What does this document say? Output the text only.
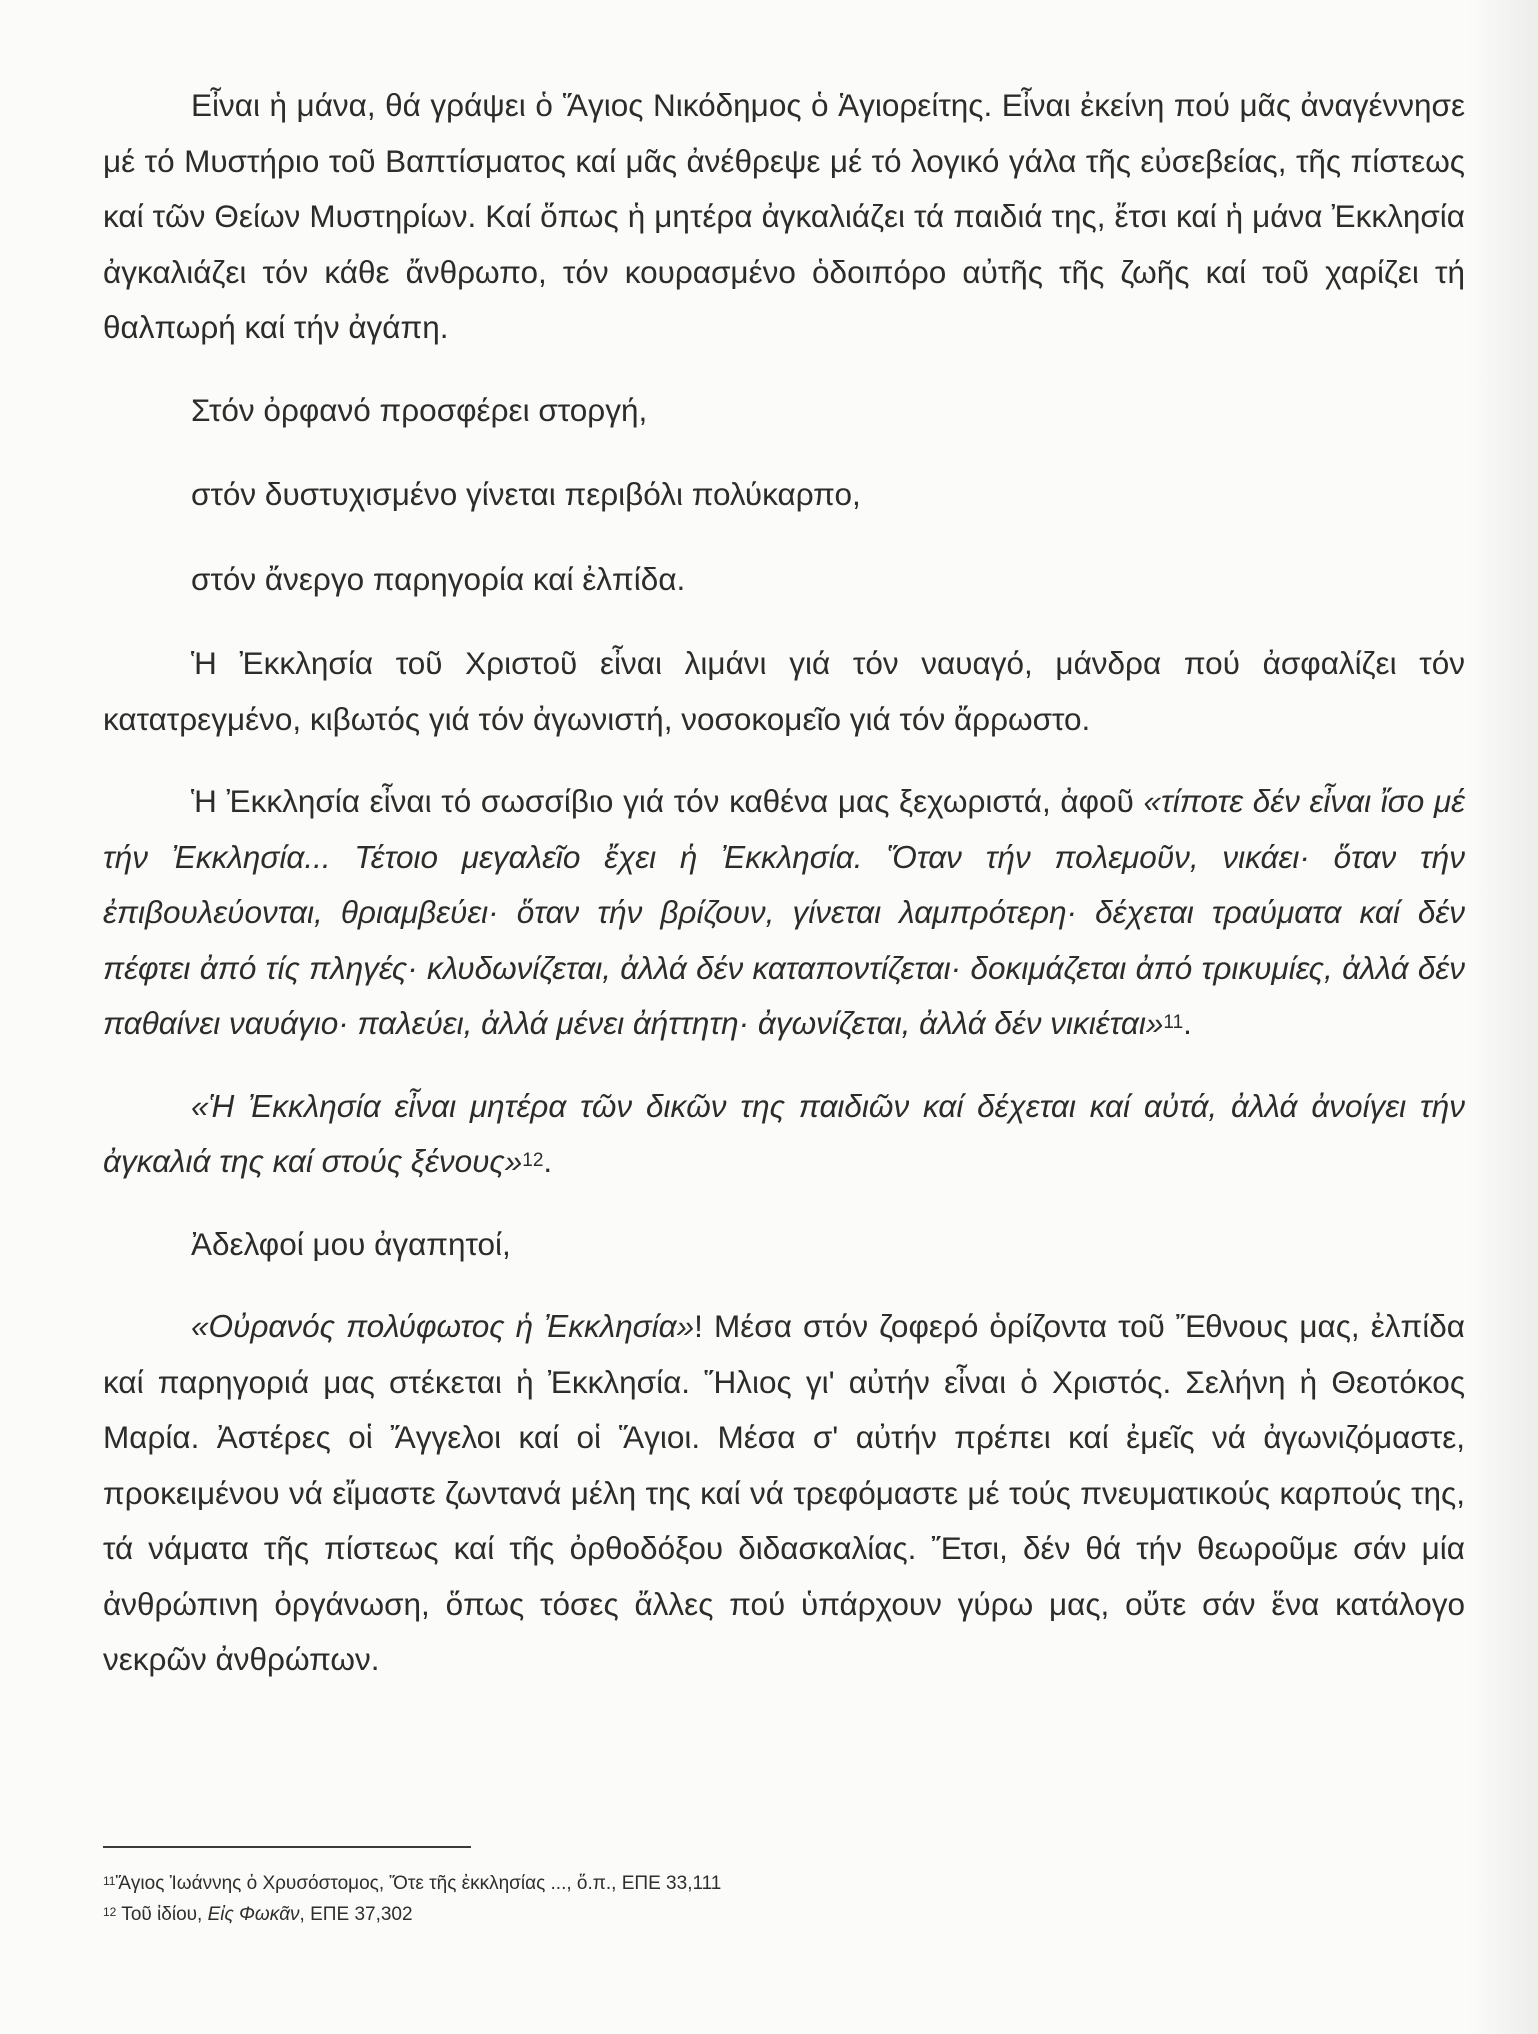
Εἶναι ἡ μάνα, θά γράψει ὁ Ἅγιος Νικόδημος ὁ Ἁγιορείτης. Εἶναι ἐκείνη πού μᾶς ἀναγέννησε μέ τό Μυστήριο τοῦ Βαπτίσματος καί μᾶς ἀνέθρεψε μέ τό λογικό γάλα τῆς εὐσεβείας, τῆς πίστεως καί τῶν Θείων Μυστηρίων. Καί ὅπως ἡ μητέρα ἀγκαλιάζει τά παιδιά της, ἔτσι καί ἡ μάνα Ἐκκλησία ἀγκαλιάζει τόν κάθε ἄνθρωπο, τόν κουρασμένο ὁδοιπόρο αὐτῆς τῆς ζωῆς καί τοῦ χαρίζει τή θαλπωρή καί τήν ἀγάπη.

Στόν ὀρφανό προσφέρει στοργή,

στόν δυστυχισμένο γίνεται περιβόλι πολύκαρπο,

στόν ἄνεργο παρηγορία καί ἐλπίδα.

Ἡ Ἐκκλησία τοῦ Χριστοῦ εἶναι λιμάνι γιά τόν ναυαγό, μάνδρα πού ἀσφαλίζει τόν κατατρεγμένο, κιβωτός γιά τόν ἀγωνιστή, νοσοκομεῖο γιά τόν ἄρρωστο.

Ἡ Ἐκκλησία εἶναι τό σωσσίβιο γιά τόν καθένα μας ξεχωριστά, ἀφοῦ «τίποτε δέν εἶναι ἴσο μέ τήν Ἐκκλησία... Τέτοιο μεγαλεῖο ἔχει ἡ Ἐκκλησία. Ὅταν τήν πολεμοῦν, νικάει· ὅταν τήν ἐπιβουλεύονται, θριαμβεύει· ὅταν τήν βρίζουν, γίνεται λαμπρότερη· δέχεται τραύματα καί δέν πέφτει ἀπό τίς πληγές· κλυδωνίζεται, ἀλλά δέν καταποντίζεται· δοκιμάζεται ἀπό τρικυμίες, ἀλλά δέν παθαίνει ναυάγιο· παλεύει, ἀλλά μένει ἀήττητη· ἀγωνίζεται, ἀλλά δέν νικιέται»$^{11}$.

«Ἡ Ἐκκλησία εἶναι μητέρα τῶν δικῶν της παιδιῶν καί δέχεται καί αὐτά, ἀλλά ἀνοίγει τήν ἀγκαλιά της καί στούς ξένους»$^{12}$.

Ἀδελφοί μου ἀγαπητοί,

«Οὐρανός πολύφωτος ἡ Ἐκκλησία»! Μέσα στόν ζοφερό ὁρίζοντα τοῦ Ἔθνους μας, ἐλπίδα καί παρηγοριά μας στέκεται ἡ Ἐκκλησία. Ἥλιος γι' αὐτήν εἶναι ὁ Χριστός. Σελήνη ἡ Θεοτόκος Μαρία. Ἀστέρες οἱ Ἄγγελοι καί οἱ Ἅγιοι. Μέσα σ' αὐτήν πρέπει καί ἐμεῖς νά ἀγωνιζόμαστε, προκειμένου νά εἴμαστε ζωντανά μέλη της καί νά τρεφόμαστε μέ τούς πνευματικούς καρπούς της, τά νάματα τῆς πίστεως καί τῆς ὀρθοδόξου διδασκαλίας. Ἔτσι, δέν θά τήν θεωροῦμε σάν μία ἀνθρώπινη ὀργάνωση, ὅπως τόσες ἄλλες πού ὑπάρχουν γύρω μας, οὔτε σάν ἕνα κατάλογο νεκρῶν ἀνθρώπων.

$^{11}$Ἅγιος Ἰωάννης ὁ Χρυσόστομος, Ὅτε τῆς ἐκκλησίας ..., ὅ.π., ΕΠΕ 33,111

$^{12}$ Τοῦ ἰδίου, Εἰς Φωκᾶν, ΕΠΕ 37,302
